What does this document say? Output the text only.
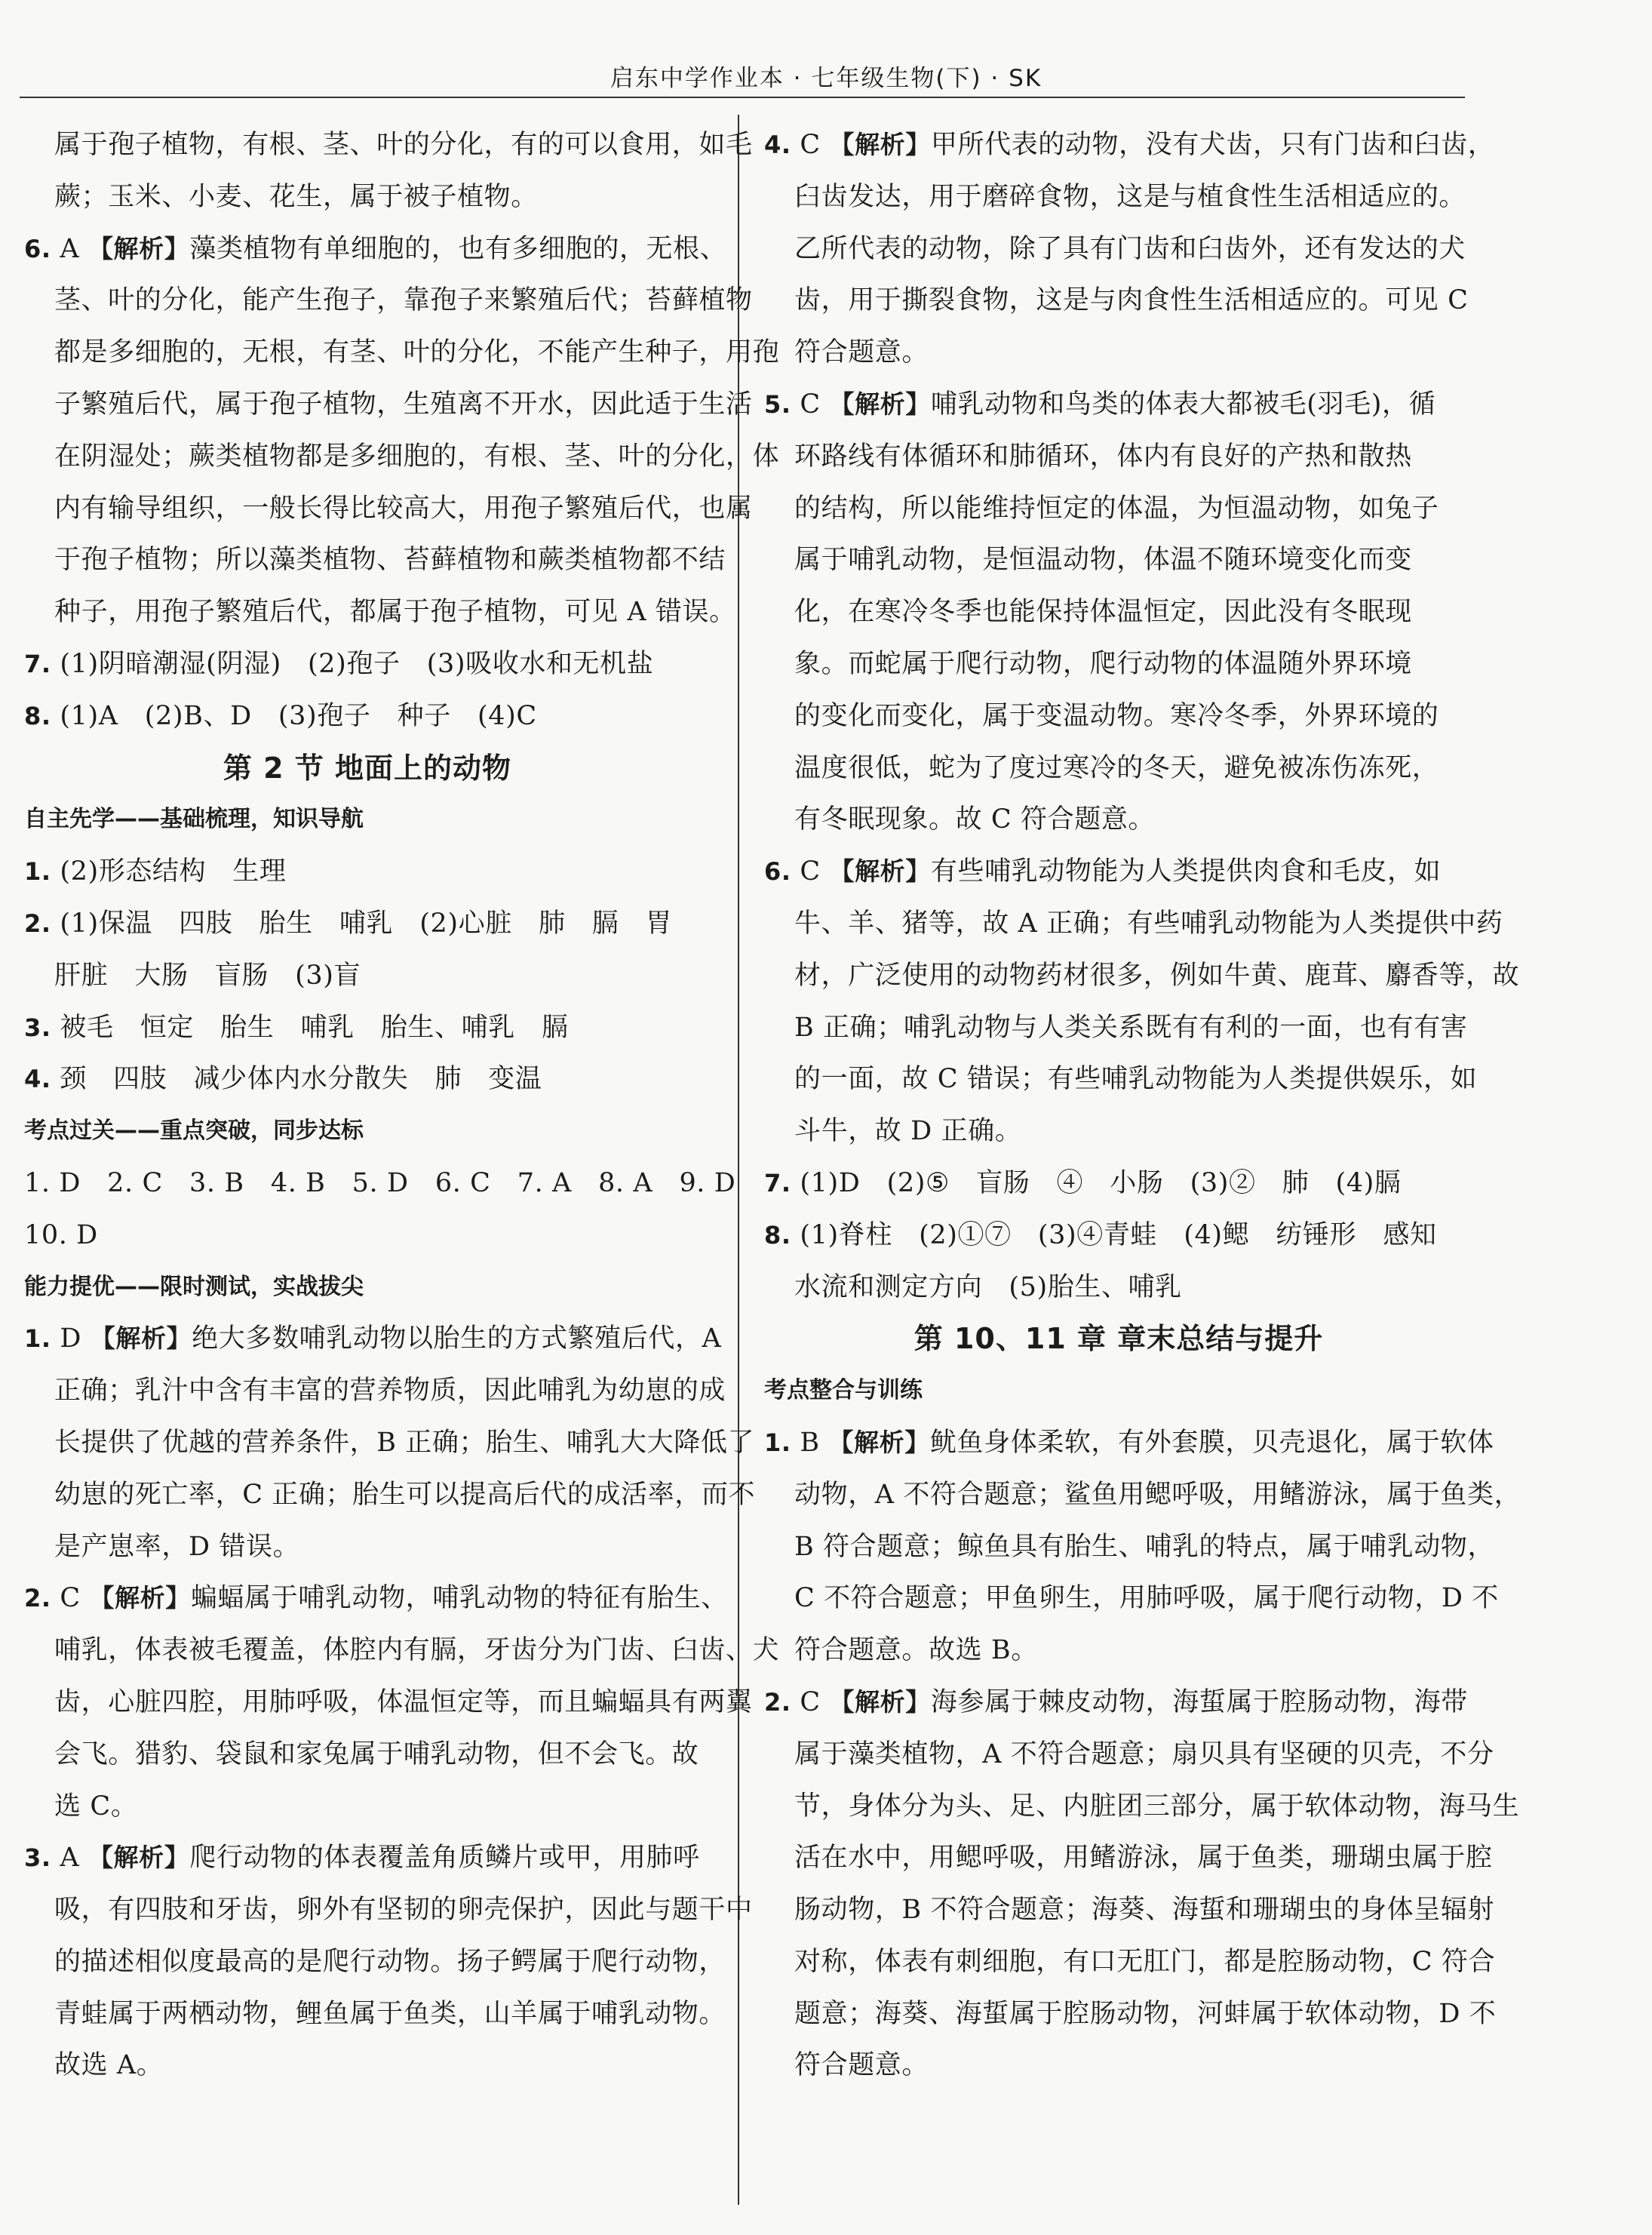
启东中学作业本 · 七年级生物(下) · SK
属于孢子植物，有根、茎、叶的分化，有的可以食用，如毛
蕨；玉米、小麦、花生，属于被子植物。
6. A 【解析】藻类植物有单细胞的，也有多细胞的，无根、
茎、叶的分化，能产生孢子，靠孢子来繁殖后代；苔藓植物
都是多细胞的，无根，有茎、叶的分化，不能产生种子，用孢
子繁殖后代，属于孢子植物，生殖离不开水，因此适于生活
在阴湿处；蕨类植物都是多细胞的，有根、茎、叶的分化，体
内有输导组织，一般长得比较高大，用孢子繁殖后代，也属
于孢子植物；所以藻类植物、苔藓植物和蕨类植物都不结
种子，用孢子繁殖后代，都属于孢子植物，可见 A 错误。
7. (1)阴暗潮湿(阴湿)   (2)孢子   (3)吸收水和无机盐
8. (1)A   (2)B、D   (3)孢子   种子   (4)C
第 2 节 地面上的动物
自主先学——基础梳理，知识导航
1. (2)形态结构   生理
2. (1)保温   四肢   胎生   哺乳   (2)心脏   肺   膈   胃
肝脏   大肠   盲肠   (3)盲
3. 被毛   恒定   胎生   哺乳   胎生、哺乳   膈
4. 颈   四肢   减少体内水分散失   肺   变温
考点过关——重点突破，同步达标
1. D   2. C   3. B   4. B   5. D   6. C   7. A   8. A   9. D
10. D
能力提优——限时测试，实战拔尖
1. D 【解析】绝大多数哺乳动物以胎生的方式繁殖后代，A
正确；乳汁中含有丰富的营养物质，因此哺乳为幼崽的成
长提供了优越的营养条件，B 正确；胎生、哺乳大大降低了
幼崽的死亡率，C 正确；胎生可以提高后代的成活率，而不
是产崽率，D 错误。
2. C 【解析】蝙蝠属于哺乳动物，哺乳动物的特征有胎生、
哺乳，体表被毛覆盖，体腔内有膈，牙齿分为门齿、臼齿、犬
齿，心脏四腔，用肺呼吸，体温恒定等，而且蝙蝠具有两翼
会飞。猎豹、袋鼠和家兔属于哺乳动物，但不会飞。故
选 C。
3. A 【解析】爬行动物的体表覆盖角质鳞片或甲，用肺呼
吸，有四肢和牙齿，卵外有坚韧的卵壳保护，因此与题干中
的描述相似度最高的是爬行动物。扬子鳄属于爬行动物，
青蛙属于两栖动物，鲤鱼属于鱼类，山羊属于哺乳动物。
故选 A。
4. C 【解析】甲所代表的动物，没有犬齿，只有门齿和臼齿，
臼齿发达，用于磨碎食物，这是与植食性生活相适应的。
乙所代表的动物，除了具有门齿和臼齿外，还有发达的犬
齿，用于撕裂食物，这是与肉食性生活相适应的。可见 C
符合题意。
5. C 【解析】哺乳动物和鸟类的体表大都被毛(羽毛)，循
环路线有体循环和肺循环，体内有良好的产热和散热
的结构，所以能维持恒定的体温，为恒温动物，如兔子
属于哺乳动物，是恒温动物，体温不随环境变化而变
化，在寒冷冬季也能保持体温恒定，因此没有冬眠现
象。而蛇属于爬行动物，爬行动物的体温随外界环境
的变化而变化，属于变温动物。寒冷冬季，外界环境的
温度很低，蛇为了度过寒冷的冬天，避免被冻伤冻死，
有冬眠现象。故 C 符合题意。
6. C 【解析】有些哺乳动物能为人类提供肉食和毛皮，如
牛、羊、猪等，故 A 正确；有些哺乳动物能为人类提供中药
材，广泛使用的动物药材很多，例如牛黄、鹿茸、麝香等，故
B 正确；哺乳动物与人类关系既有有利的一面，也有有害
的一面，故 C 错误；有些哺乳动物能为人类提供娱乐，如
斗牛，故 D 正确。
7. (1)D   (2)⑤   盲肠   ④   小肠   (3)②   肺   (4)膈
8. (1)脊柱   (2)①⑦   (3)④青蛙   (4)鳃   纺锤形   感知
水流和测定方向   (5)胎生、哺乳
第 10、11 章 章末总结与提升
考点整合与训练
1. B 【解析】鱿鱼身体柔软，有外套膜，贝壳退化，属于软体
动物，A 不符合题意；鲨鱼用鳃呼吸，用鳍游泳，属于鱼类，
B 符合题意；鲸鱼具有胎生、哺乳的特点，属于哺乳动物，
C 不符合题意；甲鱼卵生，用肺呼吸，属于爬行动物，D 不
符合题意。故选 B。
2. C 【解析】海参属于棘皮动物，海蜇属于腔肠动物，海带
属于藻类植物，A 不符合题意；扇贝具有坚硬的贝壳，不分
节，身体分为头、足、内脏团三部分，属于软体动物，海马生
活在水中，用鳃呼吸，用鳍游泳，属于鱼类，珊瑚虫属于腔
肠动物，B 不符合题意；海葵、海蜇和珊瑚虫的身体呈辐射
对称，体表有刺细胞，有口无肛门，都是腔肠动物，C 符合
题意；海葵、海蜇属于腔肠动物，河蚌属于软体动物，D 不
符合题意。
